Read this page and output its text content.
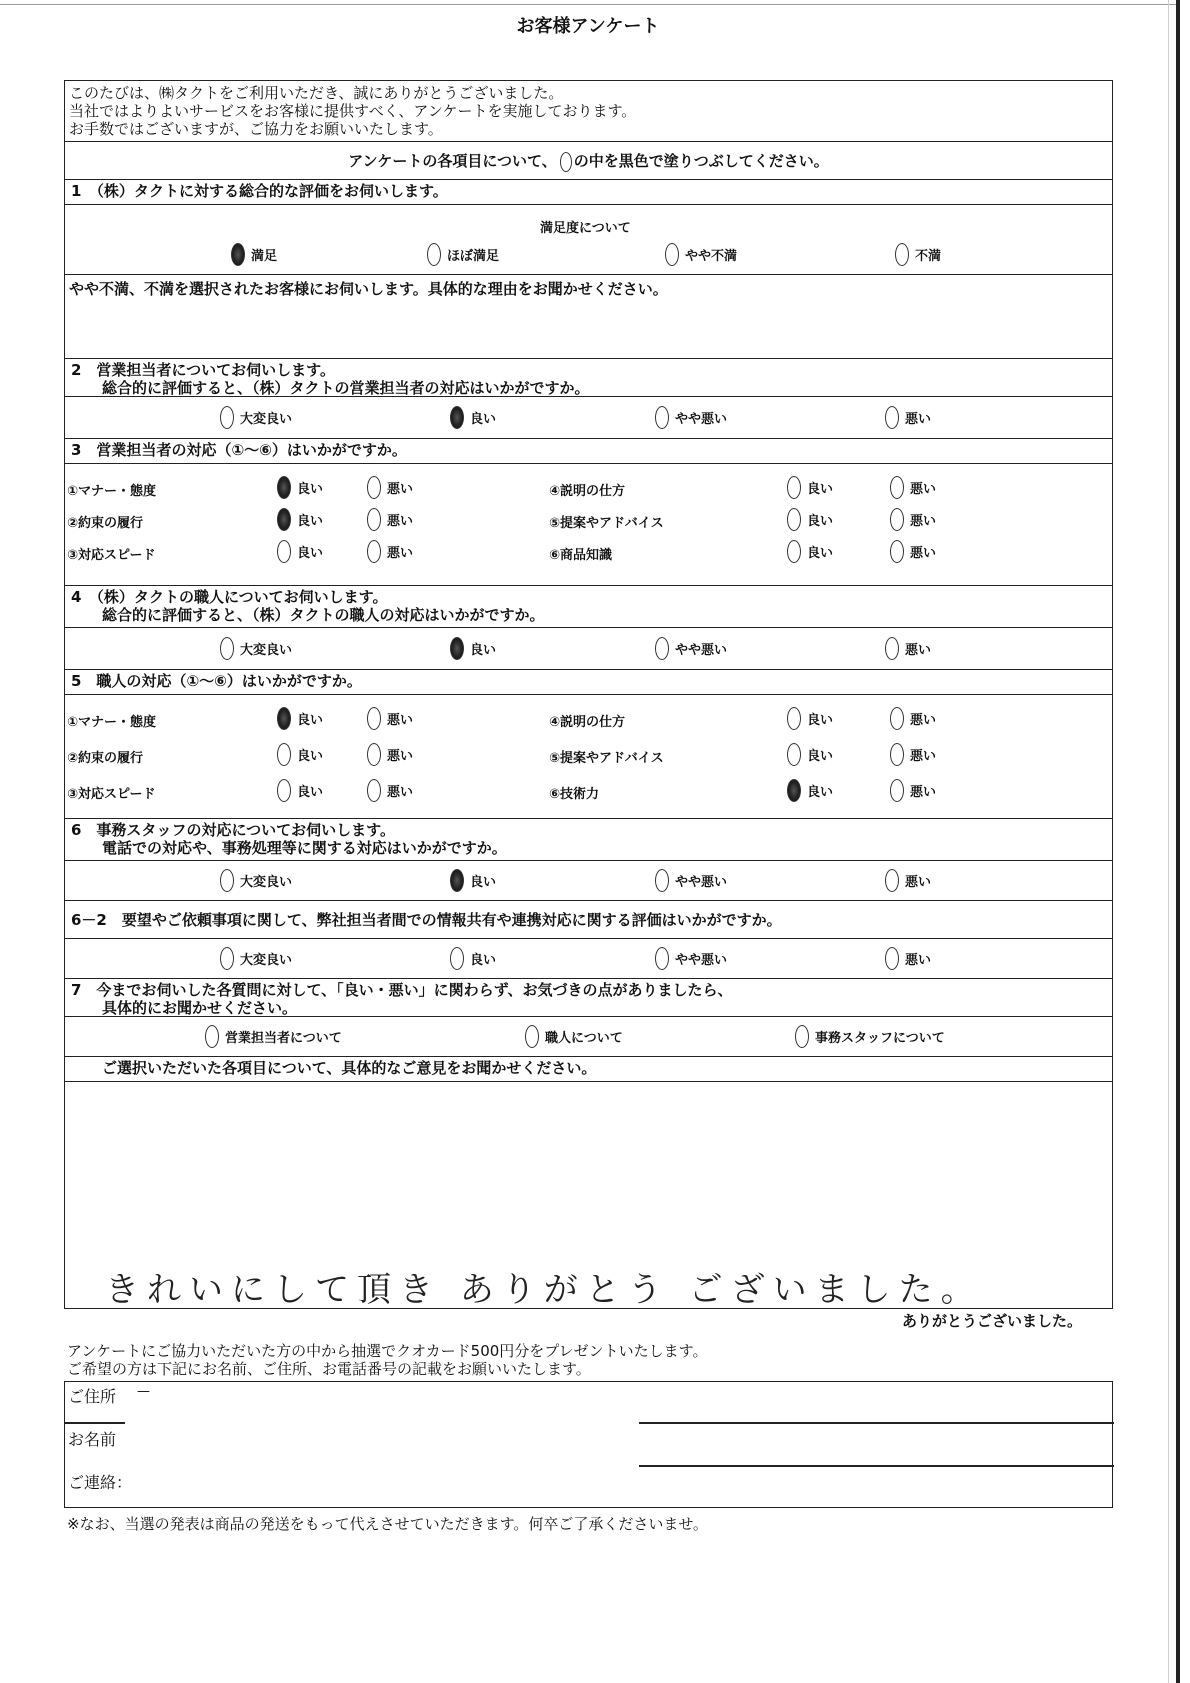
お客様アンケート
このたびは、㈱タクトをご利用いただき、誠にありがとうございました。
当社ではよりよいサービスをお客様に提供すべく、アンケートを実施しております。
お手数ではございますが、ご協力をお願いいたします。
アンケートの各項目について、 の中を黒色で塗りつぶしてください。
1　（株）タクトに対する総合的な評価をお伺いします。
満足度について
満足	ほぼ満足	やや不満	不満
やや不満、不満を選択されたお客様にお伺いします。具体的な理由をお聞かせください。
2　営業担当者についてお伺いします。
総合的に評価すると、（株）タクトの営業担当者の対応はいかがですか。
大変良い	良い	やや悪い	悪い
3　営業担当者の対応（①～⑥）はいかがですか。
①マナー・態度	良い	悪い
②約束の履行	良い	悪い
③対応スピード	良い	悪い
④説明の仕方	良い	悪い
⑤提案やアドバイス	良い	悪い
⑥商品知識	良い	悪い
4　（株）タクトの職人についてお伺いします。
総合的に評価すると、（株）タクトの職人の対応はいかがですか。
大変良い	良い	やや悪い	悪い
5　職人の対応（①～⑥）はいかがですか。
①マナー・態度	良い	悪い
②約束の履行	良い	悪い
③対応スピード	良い	悪い
④説明の仕方	良い	悪い
⑤提案やアドバイス	良い	悪い
⑥技術力	良い	悪い
6　事務スタッフの対応についてお伺いします。
電話での対応や、事務処理等に関する対応はいかがですか。
大変良い	良い	やや悪い	悪い
6－2　要望やご依頼事項に関して、弊社担当者間での情報共有や連携対応に関する評価はいかがですか。
大変良い	良い	やや悪い	悪い
7　今までお伺いした各質問に対して、「良い・悪い」に関わらず、お気づきの点がありましたら、
具体的にお聞かせください。
営業担当者について	職人について	事務スタッフについて
ご選択いただいた各項目について、具体的なご意見をお聞かせください。
きれいにして頂き ありがとう ございました。
ありがとうございました。
アンケートにご協力いただいた方の中から抽選でクオカード500円分をプレゼントいたします。
ご希望の方は下記にお名前、ご住所、お電話番号の記載をお願いいたします。
ご住所 —
お名前
ご連絡：
※なお、当選の発表は商品の発送をもって代えさせていただきます。何卒ご了承くださいませ。
